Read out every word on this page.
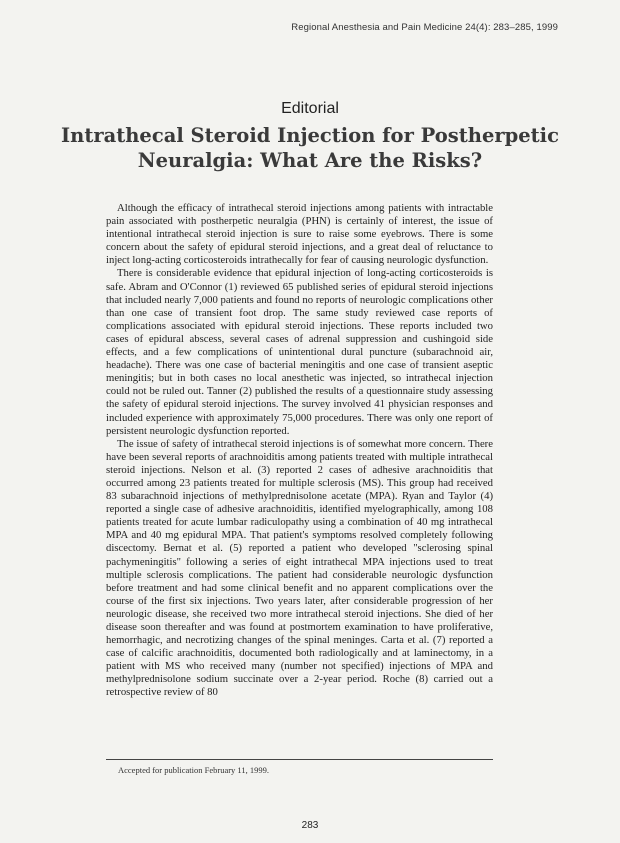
Regional Anesthesia and Pain Medicine 24(4): 283–285, 1999
Editorial
Intrathecal Steroid Injection for Postherpetic
Neuralgia: What Are the Risks?

Although the efficacy of intrathecal steroid injections among patients with intractable pain associated with postherpetic neuralgia (PHN) is certainly of interest, the issue of intentional intrathecal steroid injection is sure to raise some eyebrows. There is some concern about the safety of epidural steroid injections, and a great deal of reluctance to inject long-acting corticosteroids intrathecally for fear of causing neurologic dysfunction.

There is considerable evidence that epidural injection of long-acting corticosteroids is safe. Abram and O'Connor (1) reviewed 65 published series of epidural steroid injections that included nearly 7,000 patients and found no reports of neurologic complications other than one case of transient foot drop. The same study reviewed case reports of complications associated with epidural steroid injections. These reports included two cases of epidural abscess, several cases of adrenal suppression and cushingoid side effects, and a few complications of unintentional dural puncture (subarachnoid air, headache). There was one case of bacterial meningitis and one case of transient aseptic meningitis; but in both cases no local anesthetic was injected, so intrathecal injection could not be ruled out. Tanner (2) published the results of a questionnaire study assessing the safety of epidural steroid injections. The survey involved 41 physician responses and included experience with approximately 75,000 procedures. There was only one report of persistent neurologic dysfunction reported.

The issue of safety of intrathecal steroid injections is of somewhat more concern. There have been several reports of arachnoiditis among patients treated with multiple intrathecal steroid injections. Nelson et al. (3) reported 2 cases of adhesive arachnoiditis that occurred among 23 patients treated for multiple sclerosis (MS). This group had received 83 subarachnoid injections of methylprednisolone acetate (MPA). Ryan and Taylor (4) reported a single case of adhesive arachnoiditis, identified myelographically, among 108 patients treated for acute lumbar radiculopathy using a combination of 40 mg intrathecal MPA and 40 mg epidural MPA. That patient's symptoms resolved completely following discectomy. Bernat et al. (5) reported a patient who developed "sclerosing spinal pachymeningitis" following a series of eight intrathecal MPA injections used to treat multiple sclerosis complications. The patient had considerable neurologic dysfunction before treatment and had some clinical benefit and no apparent complications over the course of the first six injections. Two years later, after considerable progression of her neurologic disease, she received two more intrathecal steroid injections. She died of her disease soon thereafter and was found at postmortem examination to have proliferative, hemorrhagic, and necrotizing changes of the spinal meninges. Carta et al. (7) reported a case of calcific arachnoiditis, documented both radiologically and at laminectomy, in a patient with MS who received many (number not specified) injections of MPA and methylprednisolone sodium succinate over a 2-year period. Roche (8) carried out a retrospective review of 80

Accepted for publication February 11, 1999.
283
